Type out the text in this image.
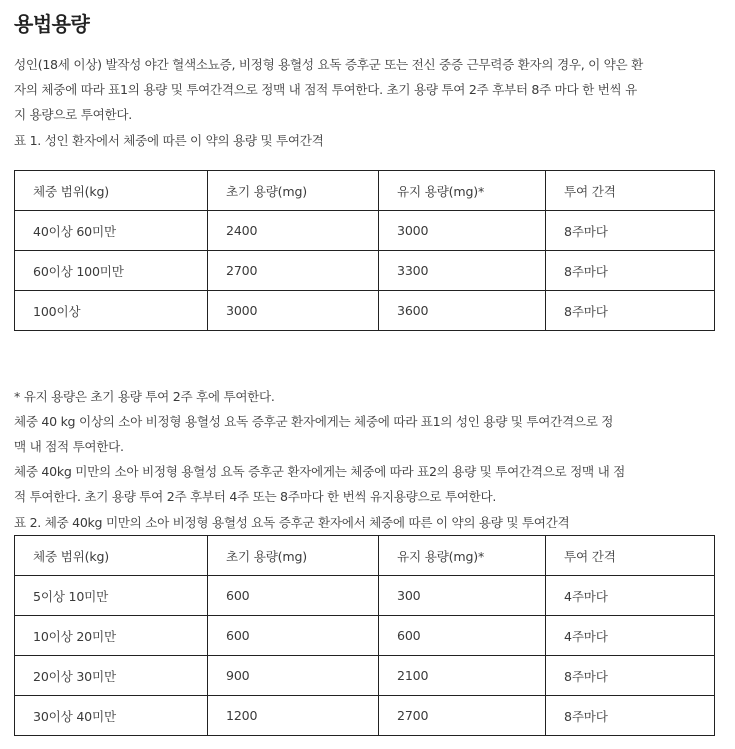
용법용량

성인(18세 이상) 발작성 야간 혈색소뇨증, 비정형 용혈성 요독 증후군 또는 전신 중증 근무력증 환자의 경우, 이 약은 환
자의 체중에 따라 표1의 용량 및 투여간격으로 정맥 내 점적 투여한다. 초기 용량 투여 2주 후부터 8주 마다 한 번씩 유
지 용량으로 투여한다.

표 1. 성인 환자에서 체중에 따른 이 약의 용량 및 투여간격

체중 범위(kg)	초기 용량(mg)	유지 용량(mg)*	투여 간격
40이상 60미만	2400	3000	8주마다
60이상 100미만	2700	3300	8주마다
100이상	3000	3600	8주마다

* 유지 용량은 초기 용량 투여 2주 후에 투여한다.
체중 40 kg 이상의 소아 비정형 용혈성 요독 증후군 환자에게는 체중에 따라 표1의 성인 용량 및 투여간격으로 정
맥 내 점적 투여한다.
체중 40kg 미만의 소아 비정형 용혈성 요독 증후군 환자에게는 체중에 따라 표2의 용량 및 투여간격으로 정맥 내 점
적 투여한다. 초기 용량 투여 2주 후부터 4주 또는 8주마다 한 번씩 유지용량으로 투여한다.

표 2. 체중 40kg 미만의 소아 비정형 용혈성 요독 증후군 환자에서 체중에 따른 이 약의 용량 및 투여간격

체중 범위(kg)	초기 용량(mg)	유지 용량(mg)*	투여 간격
5이상 10미만	600	300	4주마다
10이상 20미만	600	600	4주마다
20이상 30미만	900	2100	8주마다
30이상 40미만	1200	2700	8주마다
